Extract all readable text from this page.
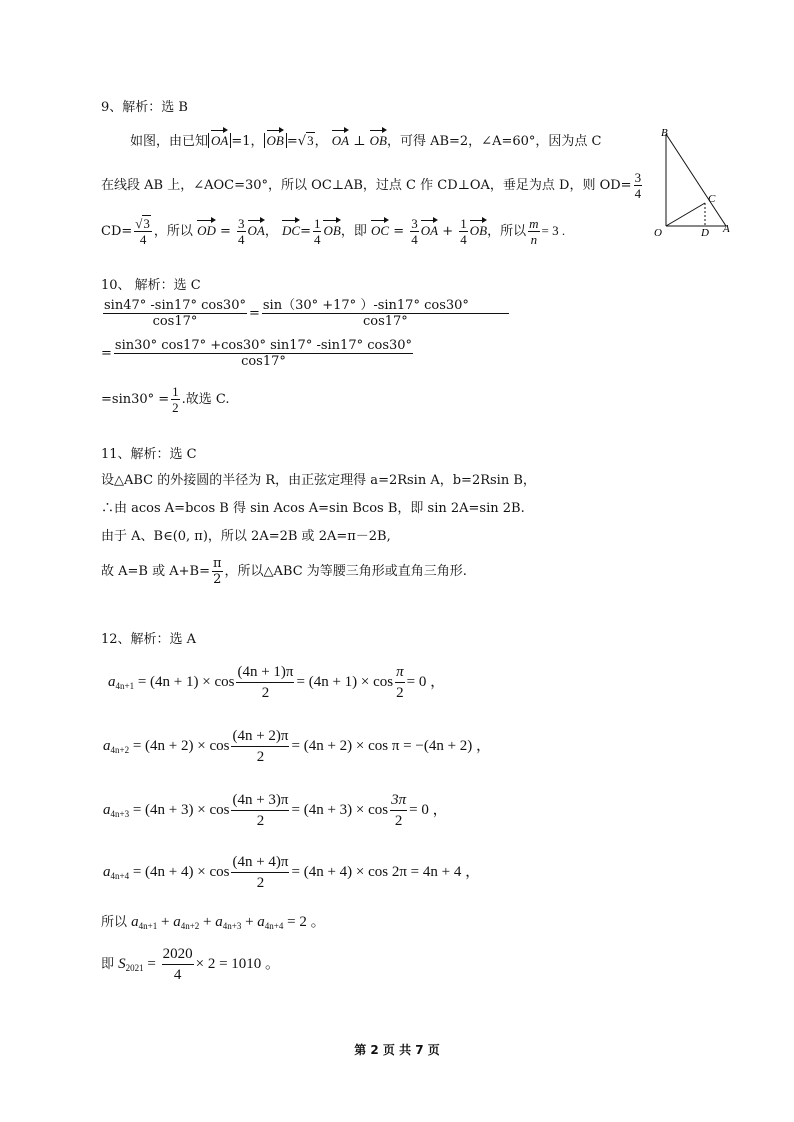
9、解析：选 B
如图，由已知 OA =1， OB =√3， OA ⊥ OB，可得 AB=2，∠A=60°，因为点 C
在线段 AB 上，∠AOC=30°，所以 OC⊥AB，过点 C 作 CD⊥OA，垂足为点 D，则 $OD= \frac{3}{4}$
$CD= \frac{√3}{4}$ ，所以 OD = $\frac{3}{4}$ OA， $DC= \frac{1}{4}$ OB，即 OC = $\frac{3}{4}$ OA + $\frac{1}{4}$ OB，所以 $\frac{m}{n} = 3$ .
B
C
O	D A
10、 解析：选 C
$\frac{\sin 47^\circ -\sin 17^\circ \cos 30^\circ}{\cos 17^\circ} = \frac{\sin(30^\circ +17^\circ )-\sin 17^\circ \cos 30^\circ}{\cos 17^\circ}$
= $\frac{\sin 30^\circ \cos 17^\circ +\cos 30^\circ \sin 17^\circ -\sin 17^\circ \cos 30^\circ}{\cos 17^\circ}$
$=\sin 30^\circ = \frac{1}{2}$ .故选 C.
11、解析：选 C
设△ABC 的外接圆的半径为 R，由正弦定理得 a=2Rsin A，b=2Rsin B，
∴由 acos A=bcos B 得 sin Acos A=sin Bcos B，即 sin 2A=sin 2B.
由于 A、B∈(0, π)，所以 2A=2B 或 2A=π－2B,
故 A=B 或 $A+B= \frac{\pi}{2}$ ，所以△ABC 为等腰三角形或直角三角形.
12、解析：选 A
$a_{4n+1} = (4n + 1) \times \cos \frac{(4n + 1)\pi}{2} = (4n + 1) \times \cos \frac{\pi}{2} = 0$ ，
$a_{4n+2} = (4n + 2) \times \cos \frac{(4n + 2)\pi}{2} = (4n + 2) \times \cos \pi = -(4n + 2)$ ，
$a_{4n+3} = (4n + 3) \times \cos \frac{(4n + 3)\pi}{2} = (4n + 3) \times \cos \frac{3\pi}{2} = 0$ ，
$a_{4n+4} = (4n + 4) \times \cos \frac{(4n + 4)\pi}{2} = (4n + 4) \times \cos 2\pi = 4n + 4$ ，
所以 $a_{4n+1} + a_{4n+2} + a_{4n+3} + a_{4n+4} = 2$ 。
即 $S_{2021} = \frac{2020}{4} \times 2 = 1010$ 。
第 2 页 共 7 页
